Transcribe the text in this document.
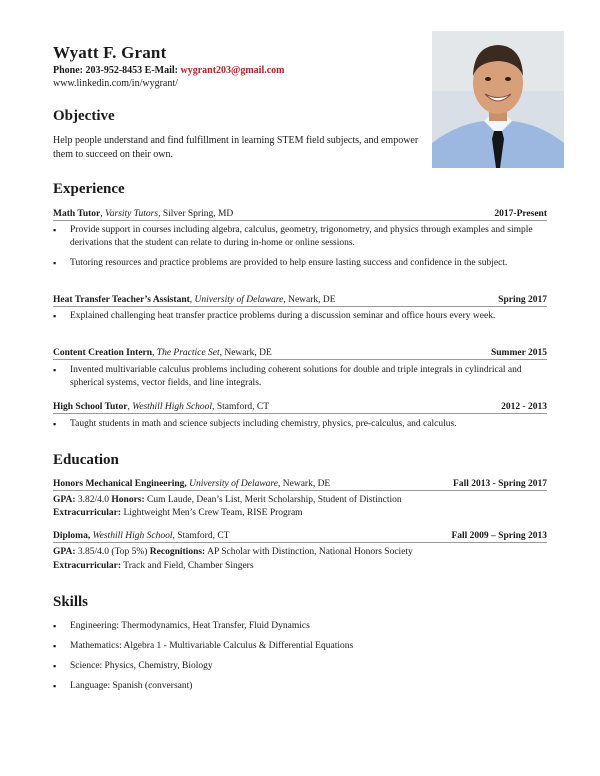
Wyatt F. Grant
Phone: 203-952-8453 E-Mail: wygrant203@gmail.com
www.linkedin.com/in/wygrant/
Objective
Help people understand and find fulfillment in learning STEM field subjects, and empower them to succeed on their own.
Experience
Math Tutor, Varsity Tutors, Silver Spring, MD	2017-Present
▪ Provide support in courses including algebra, calculus, geometry, trigonometry, and physics through examples and simple derivations that the student can relate to during in-home or online sessions.
▪ Tutoring resources and practice problems are provided to help ensure lasting success and confidence in the subject.
Heat Transfer Teacher’s Assistant, University of Delaware, Newark, DE	Spring 2017
▪ Explained challenging heat transfer practice problems during a discussion seminar and office hours every week.
Content Creation Intern, The Practice Set, Newark, DE	Summer 2015
▪ Invented multivariable calculus problems including coherent solutions for double and triple integrals in cylindrical and spherical systems, vector fields, and line integrals.
High School Tutor, Westhill High School, Stamford, CT	2012 - 2013
▪ Taught students in math and science subjects including chemistry, physics, pre-calculus, and calculus.
Education
Honors Mechanical Engineering, University of Delaware, Newark, DE	Fall 2013 - Spring 2017
GPA: 3.82/4.0 Honors: Cum Laude, Dean’s List, Merit Scholarship, Student of Distinction
Extracurricular: Lightweight Men’s Crew Team, RISE Program
Diploma, Westhill High School, Stamford, CT	Fall 2009 – Spring 2013
GPA: 3.85/4.0 (Top 5%) Recognitions: AP Scholar with Distinction, National Honors Society
Extracurricular: Track and Field, Chamber Singers
Skills
▪ Engineering: Thermodynamics, Heat Transfer, Fluid Dynamics
▪ Mathematics: Algebra 1 - Multivariable Calculus & Differential Equations
▪ Science: Physics, Chemistry, Biology
▪ Language: Spanish (conversant)
